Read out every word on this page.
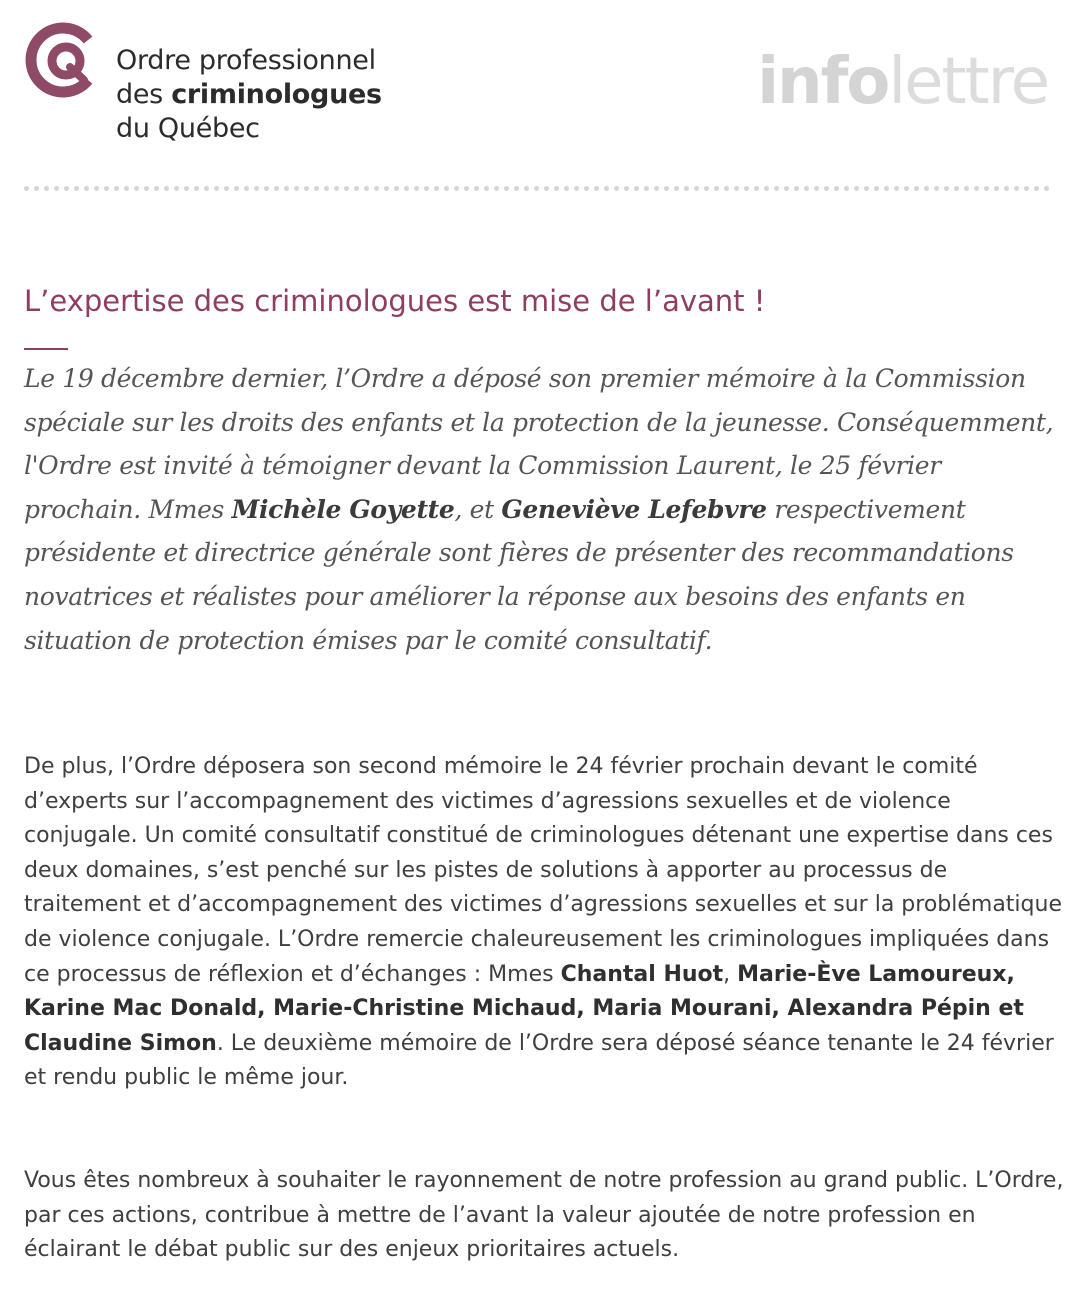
Ordre professionnel
des criminologues
du Québec
infolettre
L’expertise des criminologues est mise de l’avant !

Le 19 décembre dernier, l’Ordre a déposé son premier mémoire à la Commission spéciale sur les droits des enfants et la protection de la jeunesse. Conséquemment, l'Ordre est invité à témoigner devant la Commission Laurent, le 25 février prochain. Mmes Michèle Goyette, et Geneviève Lefebvre respectivement présidente et directrice générale sont fières de présenter des recommandations novatrices et réalistes pour améliorer la réponse aux besoins des enfants en situation de protection émises par le comité consultatif.

De plus, l’Ordre déposera son second mémoire le 24 février prochain devant le comité d’experts sur l’accompagnement des victimes d’agressions sexuelles et de violence conjugale. Un comité consultatif constitué de criminologues détenant une expertise dans ces deux domaines, s’est penché sur les pistes de solutions à apporter au processus de traitement et d’accompagnement des victimes d’agressions sexuelles et sur la problématique de violence conjugale. L’Ordre remercie chaleureusement les criminologues impliquées dans ce processus de réflexion et d’échanges : Mmes Chantal Huot, Marie-Ève Lamoureux, Karine Mac Donald, Marie-Christine Michaud, Maria Mourani, Alexandra Pépin et Claudine Simon. Le deuxième mémoire de l’Ordre sera déposé séance tenante le 24 février et rendu public le même jour.

Vous êtes nombreux à souhaiter le rayonnement de notre profession au grand public. L’Ordre, par ces actions, contribue à mettre de l’avant la valeur ajoutée de notre profession en éclairant le débat public sur des enjeux prioritaires actuels.
